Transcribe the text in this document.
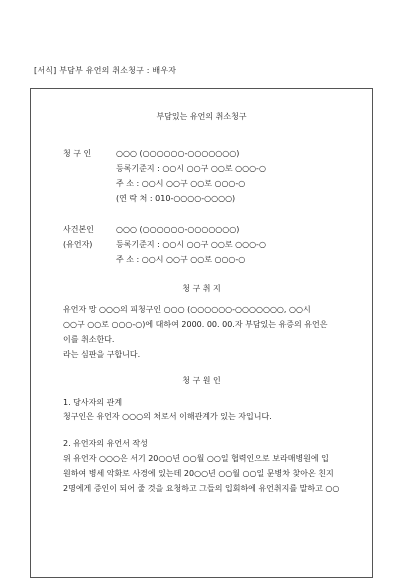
[서식] 부담부 유언의 취소청구 : 배우자
부담있는 유언의 취소청구
청 구 인	○○○ (○○○○○○-○○○○○○○)
등록기준지 : ○○시 ○○구 ○○로 ○○○-○
주 소 : ○○시 ○○구 ○○로 ○○○-○
(연 락 처 : 010-○○○○-○○○○)
사건본인
(유언자)
○○○ (○○○○○○-○○○○○○○)
등록기준지 : ○○시 ○○구 ○○로 ○○○-○
주 소 : ○○시 ○○구 ○○로 ○○○-○
청 구 취 지
유언자 망 ○○○의 피청구인 ○○○ (○○○○○○-○○○○○○○, ○○시
○○구 ○○로 ○○○-○)에 대하여 2000. 00. 00.자 부담있는 유증의 유언은
이를 취소한다.
라는 심판을 구합니다.
청 구 원 인
1. 당사자의 관계
청구인은 유언자 ○○○의 처로서 이해관계가 있는 자입니다.
2. 유언자의 유언서 작성
위 유언자 ○○○은 서기 20○○년 ○○월 ○○일 협력인으로 보라매병원에 입
원하여 병세 악화로 사경에 있는데 20○○년 ○○월 ○○일 문병차 찾아온 친지
2명에게 증인이 되어 줄 것을 요청하고 그들의 입회하에 유언취지를 말하고 ○○
